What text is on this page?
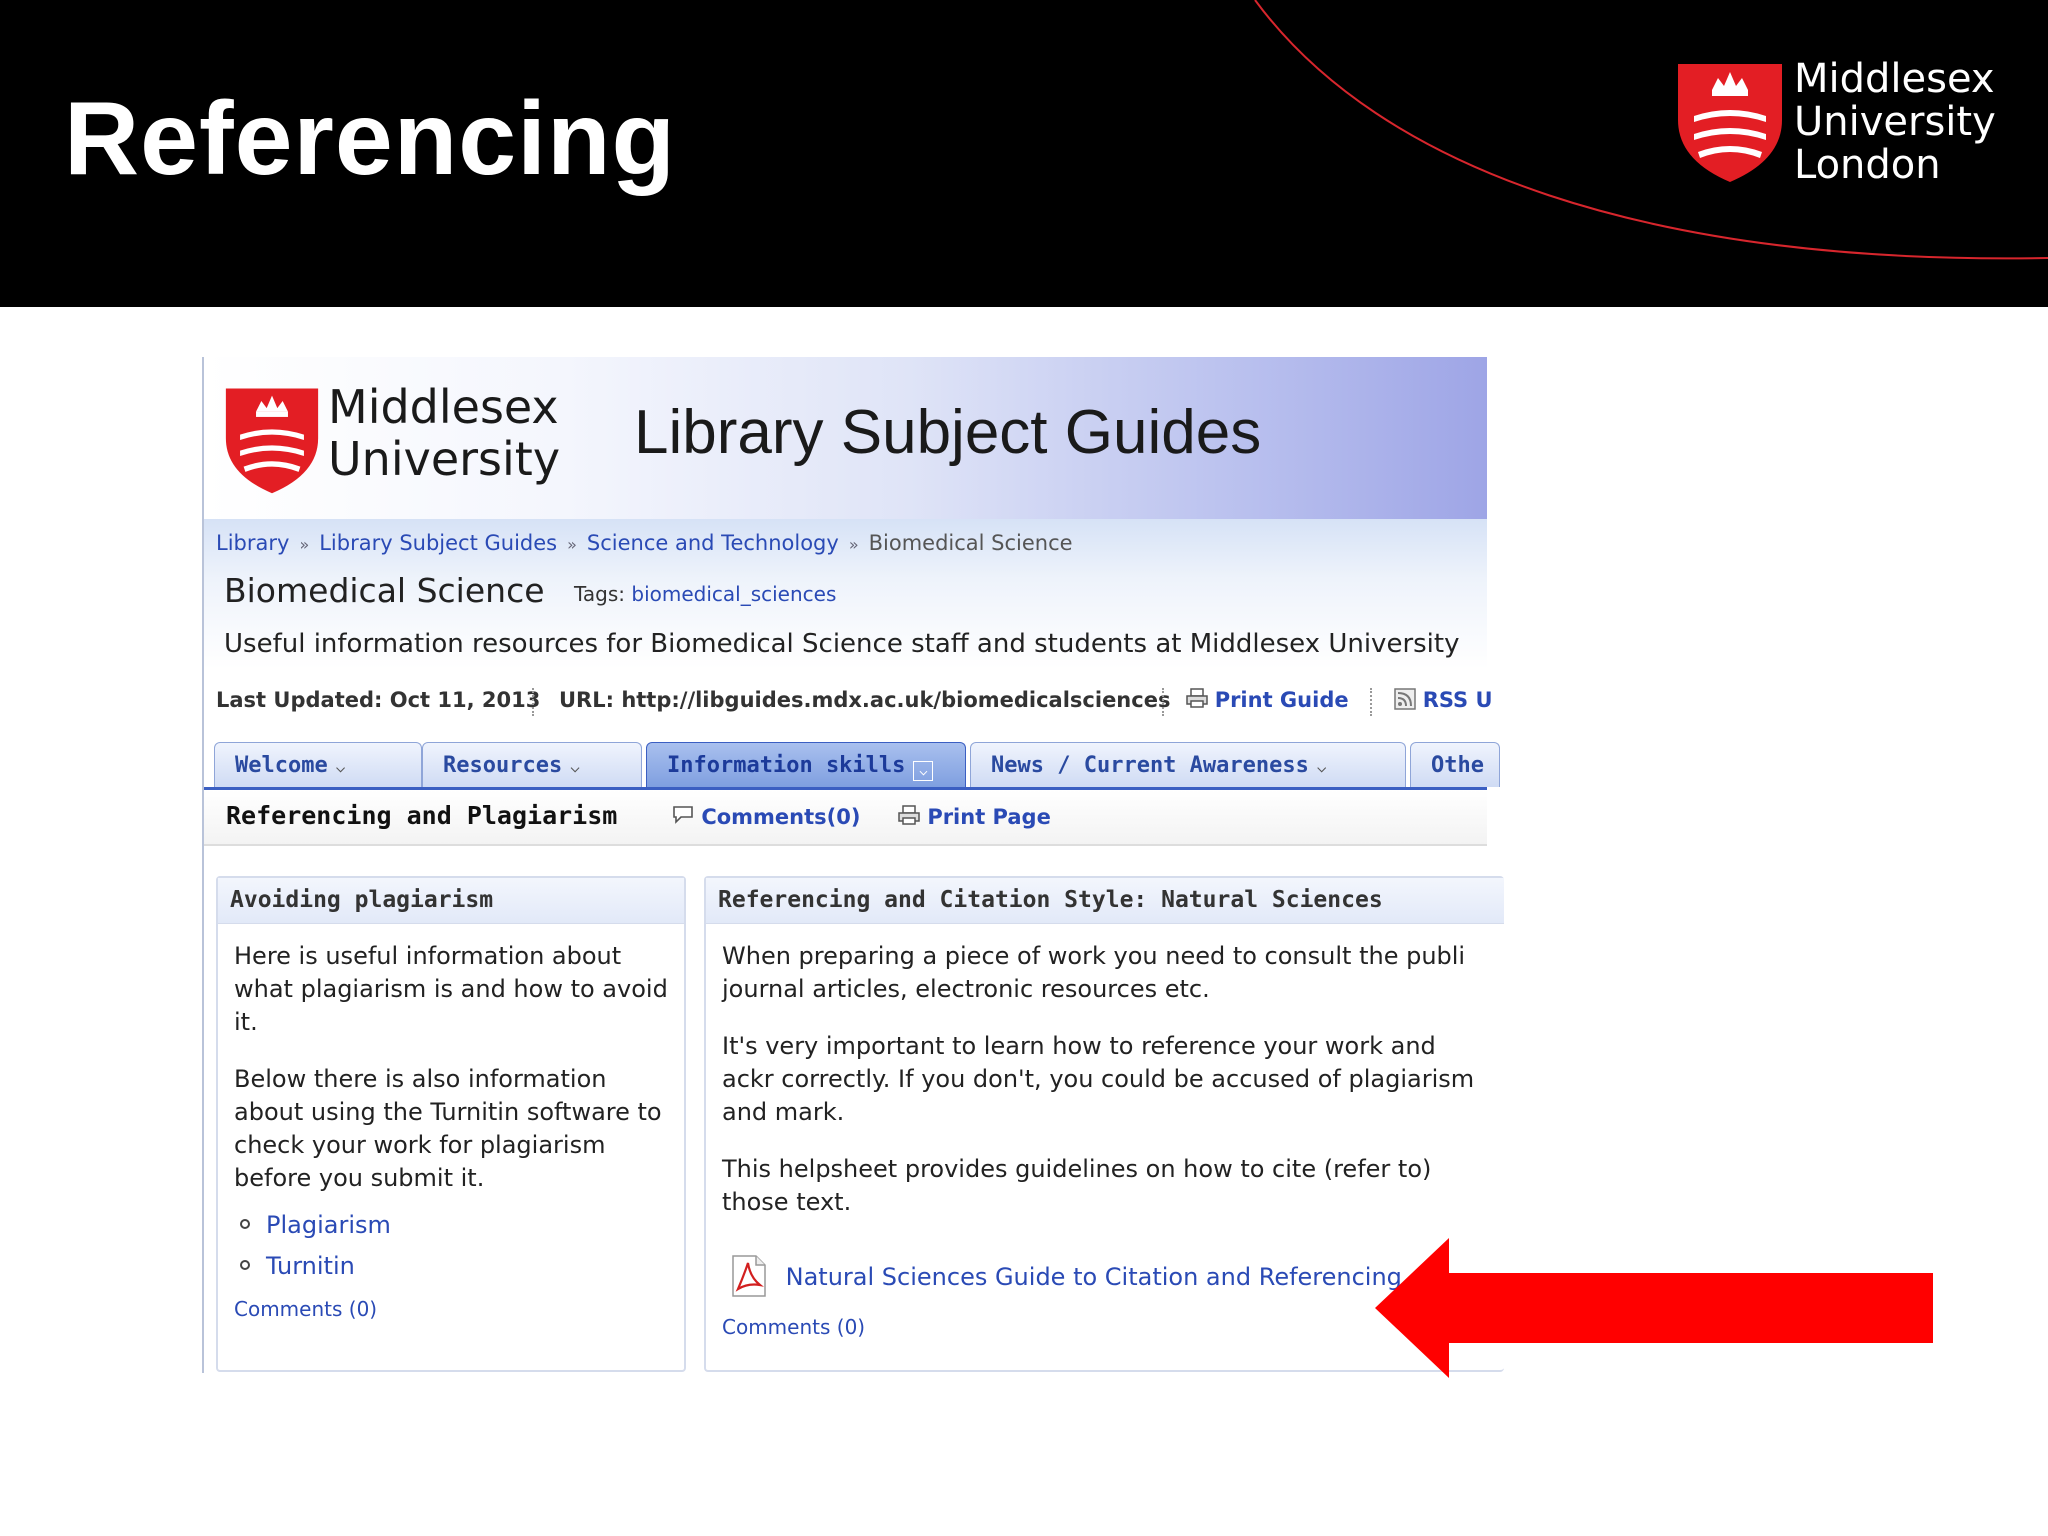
Referencing
Middlesex
University
London
Middlesex
University Library Subject Guides
Library » Library Subject Guides » Science and Technology » Biomedical Science
Biomedical Science Tags: biomedical_sciences
Useful information resources for Biomedical Science staff and students at Middlesex University
Last Updated: Oct 11, 2013 URL: http://libguides.mdx.ac.uk/biomedicalsciences	Print Guide	RSS U
Welcome ⌵	Resources ⌵	Information skills ⌵	News / Current Awareness ⌵	Othe
Referencing and Plagiarism	Comments(0)	Print Page
Avoiding plagiarism

Here is useful information about what plagiarism is and how to avoid it.

Below there is also information about using the Turnitin software to check your work for plagiarism before you submit it.

Plagiarism
Turnitin
Comments (0)
Referencing and Citation Style: Natural Sciences

When preparing a piece of work you need to consult the publi journal articles, electronic resources etc.

It's very important to learn how to reference your work and ackr correctly. If you don't, you could be accused of plagiarism and mark.

This helpsheet provides guidelines on how to cite (refer to) those text.

Natural Sciences Guide to Citation and Referencing
Comments (0)
